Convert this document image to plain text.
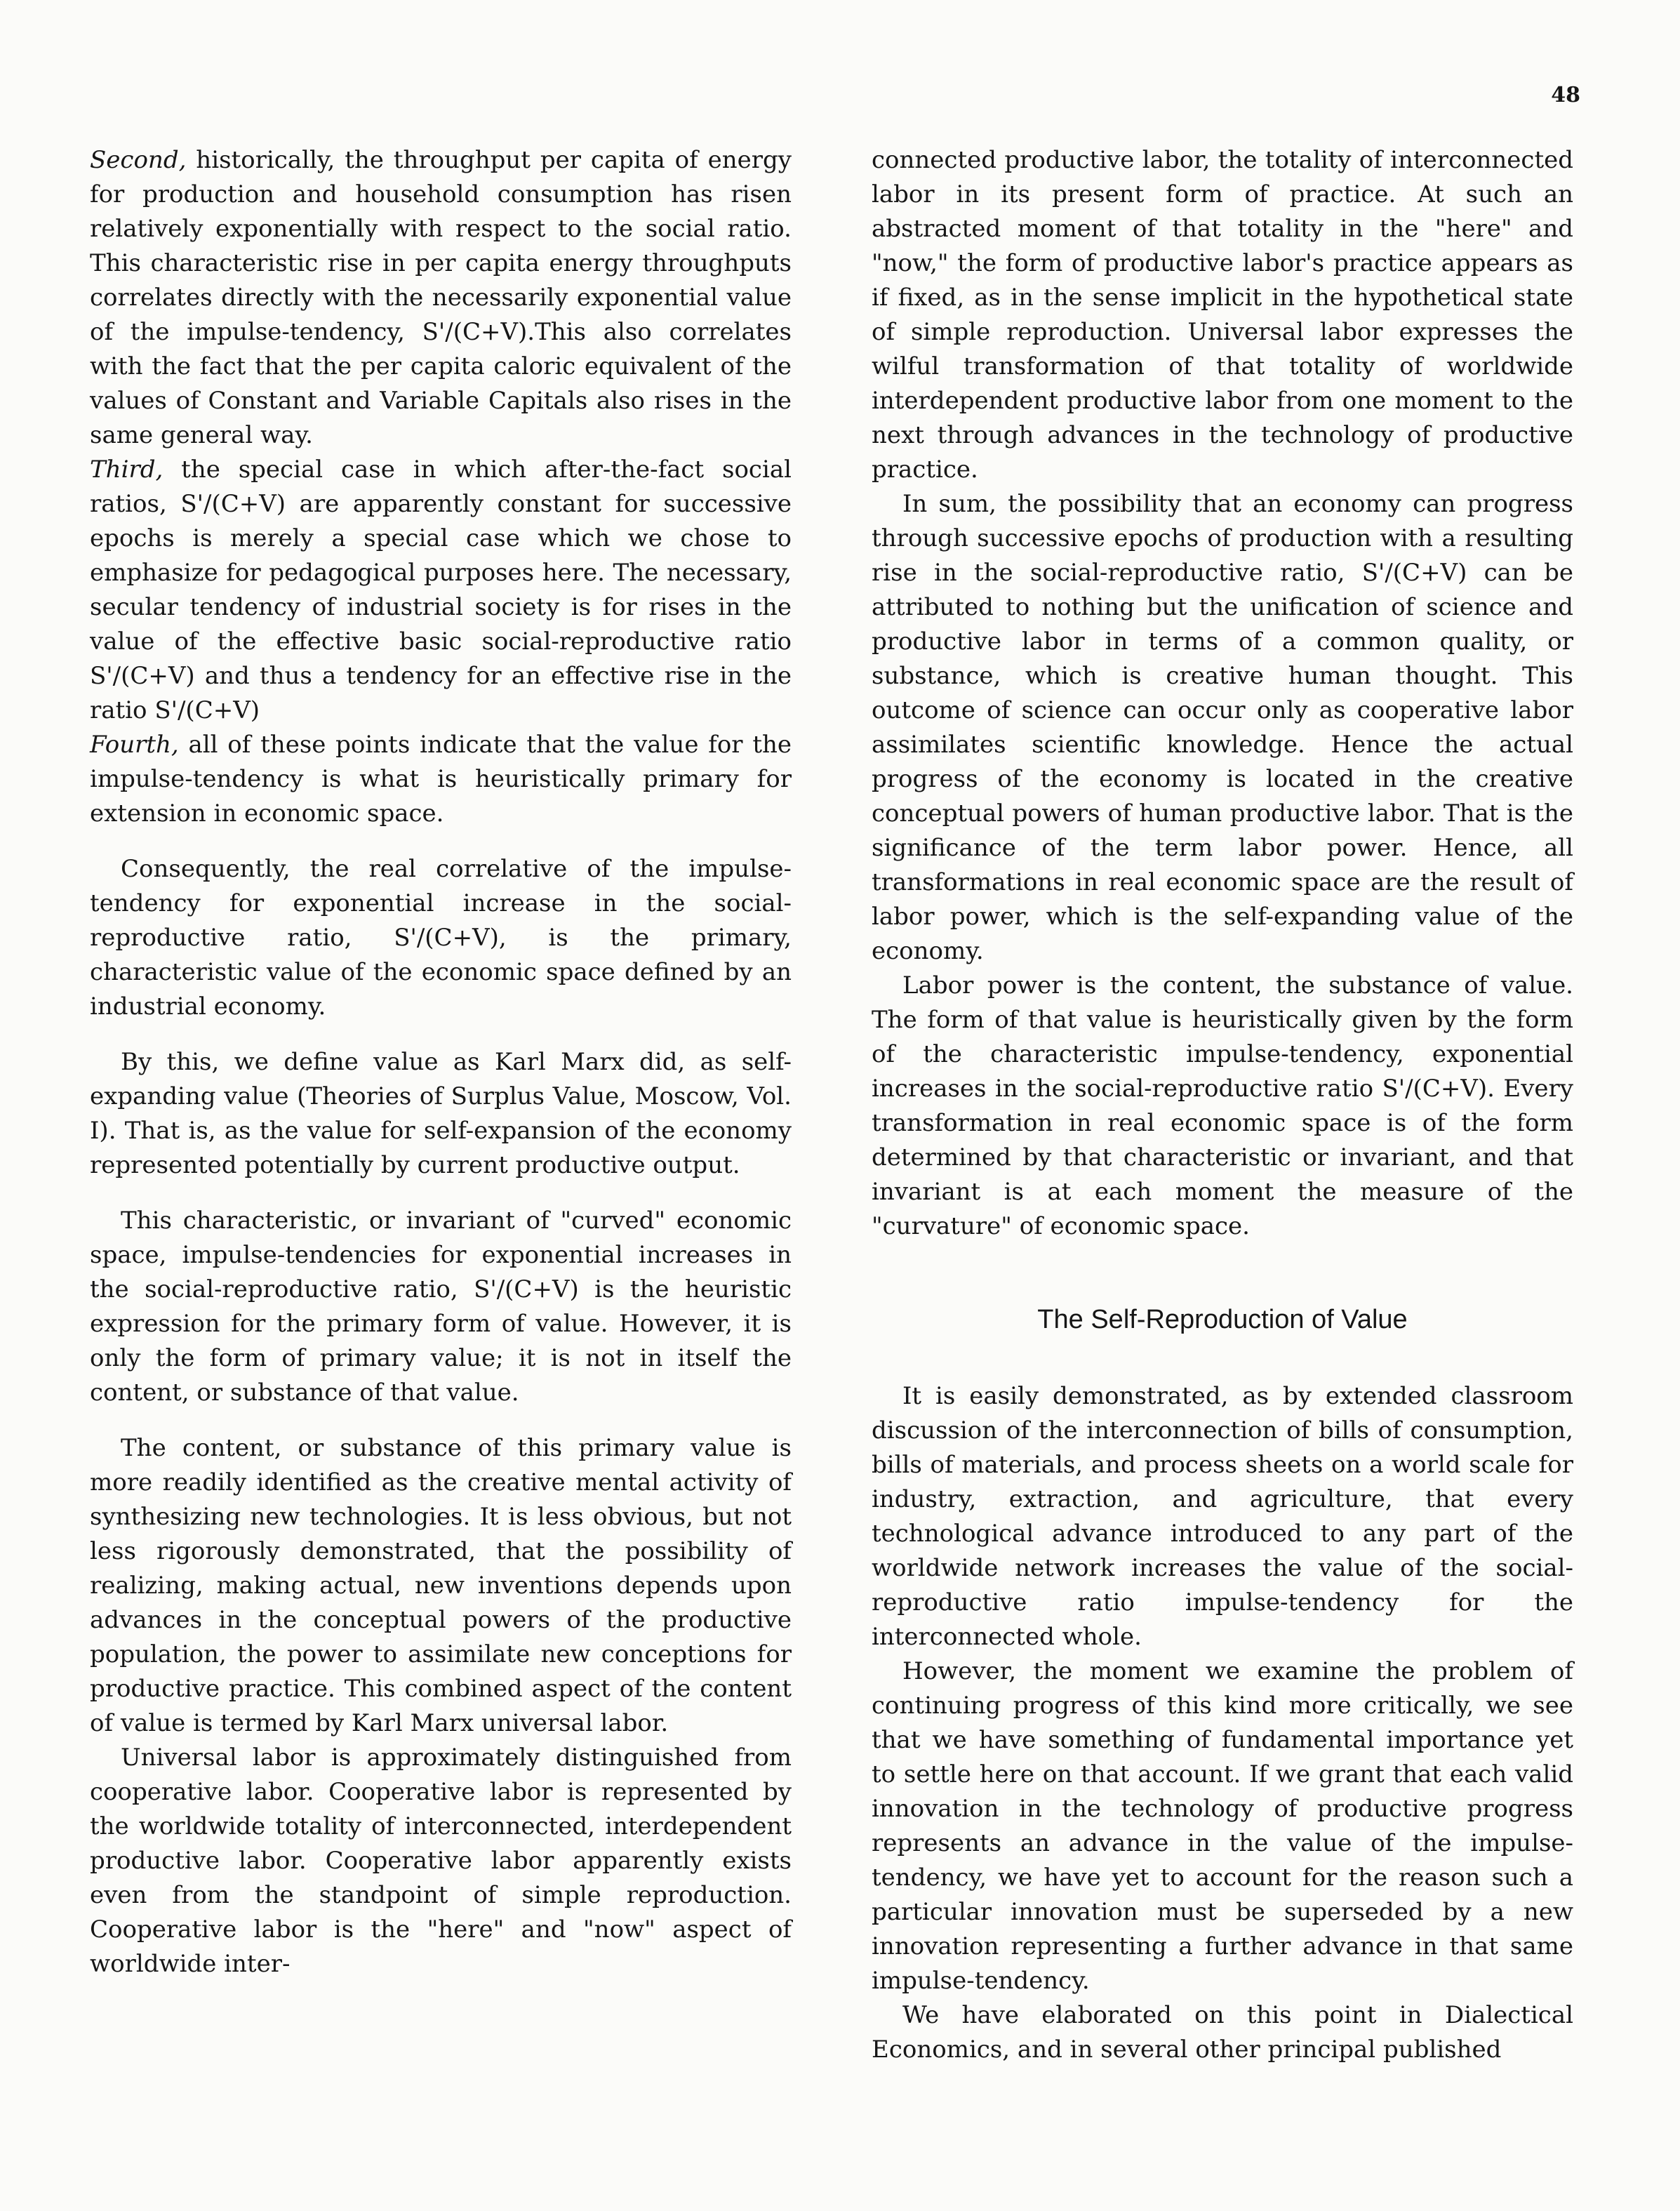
48

Second, historically, the throughput per capita of energy for production and household consumption has risen relatively exponentially with respect to the social ratio. This characteristic rise in per capita energy throughputs correlates directly with the necessarily exponential value of the impulse-tendency, S'/(C+V).This also correlates with the fact that the per capita caloric equivalent of the values of Constant and Variable Capitals also rises in the same general way.

Third, the special case in which after-the-fact social ratios, S'/(C+V) are apparently constant for successive epochs is merely a special case which we chose to emphasize for pedagogical purposes here. The necessary, secular tendency of industrial society is for rises in the value of the effective basic social-reproductive ratio S'/(C+V) and thus a tendency for an effective rise in the ratio S'/(C+V)

Fourth, all of these points indicate that the value for the impulse-tendency is what is heuristically primary for extension in economic space.

Consequently, the real correlative of the impulse-tendency for exponential increase in the social-reproductive ratio, S'/(C+V), is the primary, characteristic value of the economic space defined by an industrial economy.

By this, we define value as Karl Marx did, as self-expanding value (Theories of Surplus Value, Moscow, Vol. I). That is, as the value for self-expansion of the economy represented potentially by current productive output.

This characteristic, or invariant of "curved" economic space, impulse-tendencies for exponential increases in the social-reproductive ratio, S'/(C+V) is the heuristic expression for the primary form of value. However, it is only the form of primary value; it is not in itself the content, or substance of that value.

The content, or substance of this primary value is more readily identified as the creative mental activity of synthesizing new technologies. It is less obvious, but not less rigorously demonstrated, that the possibility of realizing, making actual, new inventions depends upon advances in the conceptual powers of the productive population, the power to assimilate new conceptions for productive practice. This combined aspect of the content of value is termed by Karl Marx universal labor.

Universal labor is approximately distinguished from cooperative labor. Cooperative labor is represented by the worldwide totality of interconnected, interdependent productive labor. Cooperative labor apparently exists even from the standpoint of simple reproduction. Cooperative labor is the "here" and "now" aspect of worldwide inter-

connected productive labor, the totality of interconnected labor in its present form of practice. At such an abstracted moment of that totality in the "here" and "now," the form of productive labor's practice appears as if fixed, as in the sense implicit in the hypothetical state of simple reproduction. Universal labor expresses the wilful transformation of that totality of worldwide interdependent productive labor from one moment to the next through advances in the technology of productive practice.

In sum, the possibility that an economy can progress through successive epochs of production with a resulting rise in the social-reproductive ratio, S'/(C+V) can be attributed to nothing but the unification of science and productive labor in terms of a common quality, or substance, which is creative human thought. This outcome of science can occur only as cooperative labor assimilates scientific knowledge. Hence the actual progress of the economy is located in the creative conceptual powers of human productive labor. That is the significance of the term labor power. Hence, all transformations in real economic space are the result of labor power, which is the self-expanding value of the economy.

Labor power is the content, the substance of value. The form of that value is heuristically given by the form of the characteristic impulse-tendency, exponential increases in the social-reproductive ratio S'/(C+V). Every transformation in real economic space is of the form determined by that characteristic or invariant, and that invariant is at each moment the measure of the "curvature" of economic space.

The Self-Reproduction of Value

It is easily demonstrated, as by extended classroom discussion of the interconnection of bills of consumption, bills of materials, and process sheets on a world scale for industry, extraction, and agriculture, that every technological advance introduced to any part of the worldwide network increases the value of the social-reproductive ratio impulse-tendency for the interconnected whole.

However, the moment we examine the problem of continuing progress of this kind more critically, we see that we have something of fundamental importance yet to settle here on that account. If we grant that each valid innovation in the technology of productive progress represents an advance in the value of the impulse-tendency, we have yet to account for the reason such a particular innovation must be superseded by a new innovation representing a further advance in that same impulse-tendency.

We have elaborated on this point in Dialectical Economics, and in several other principal published
